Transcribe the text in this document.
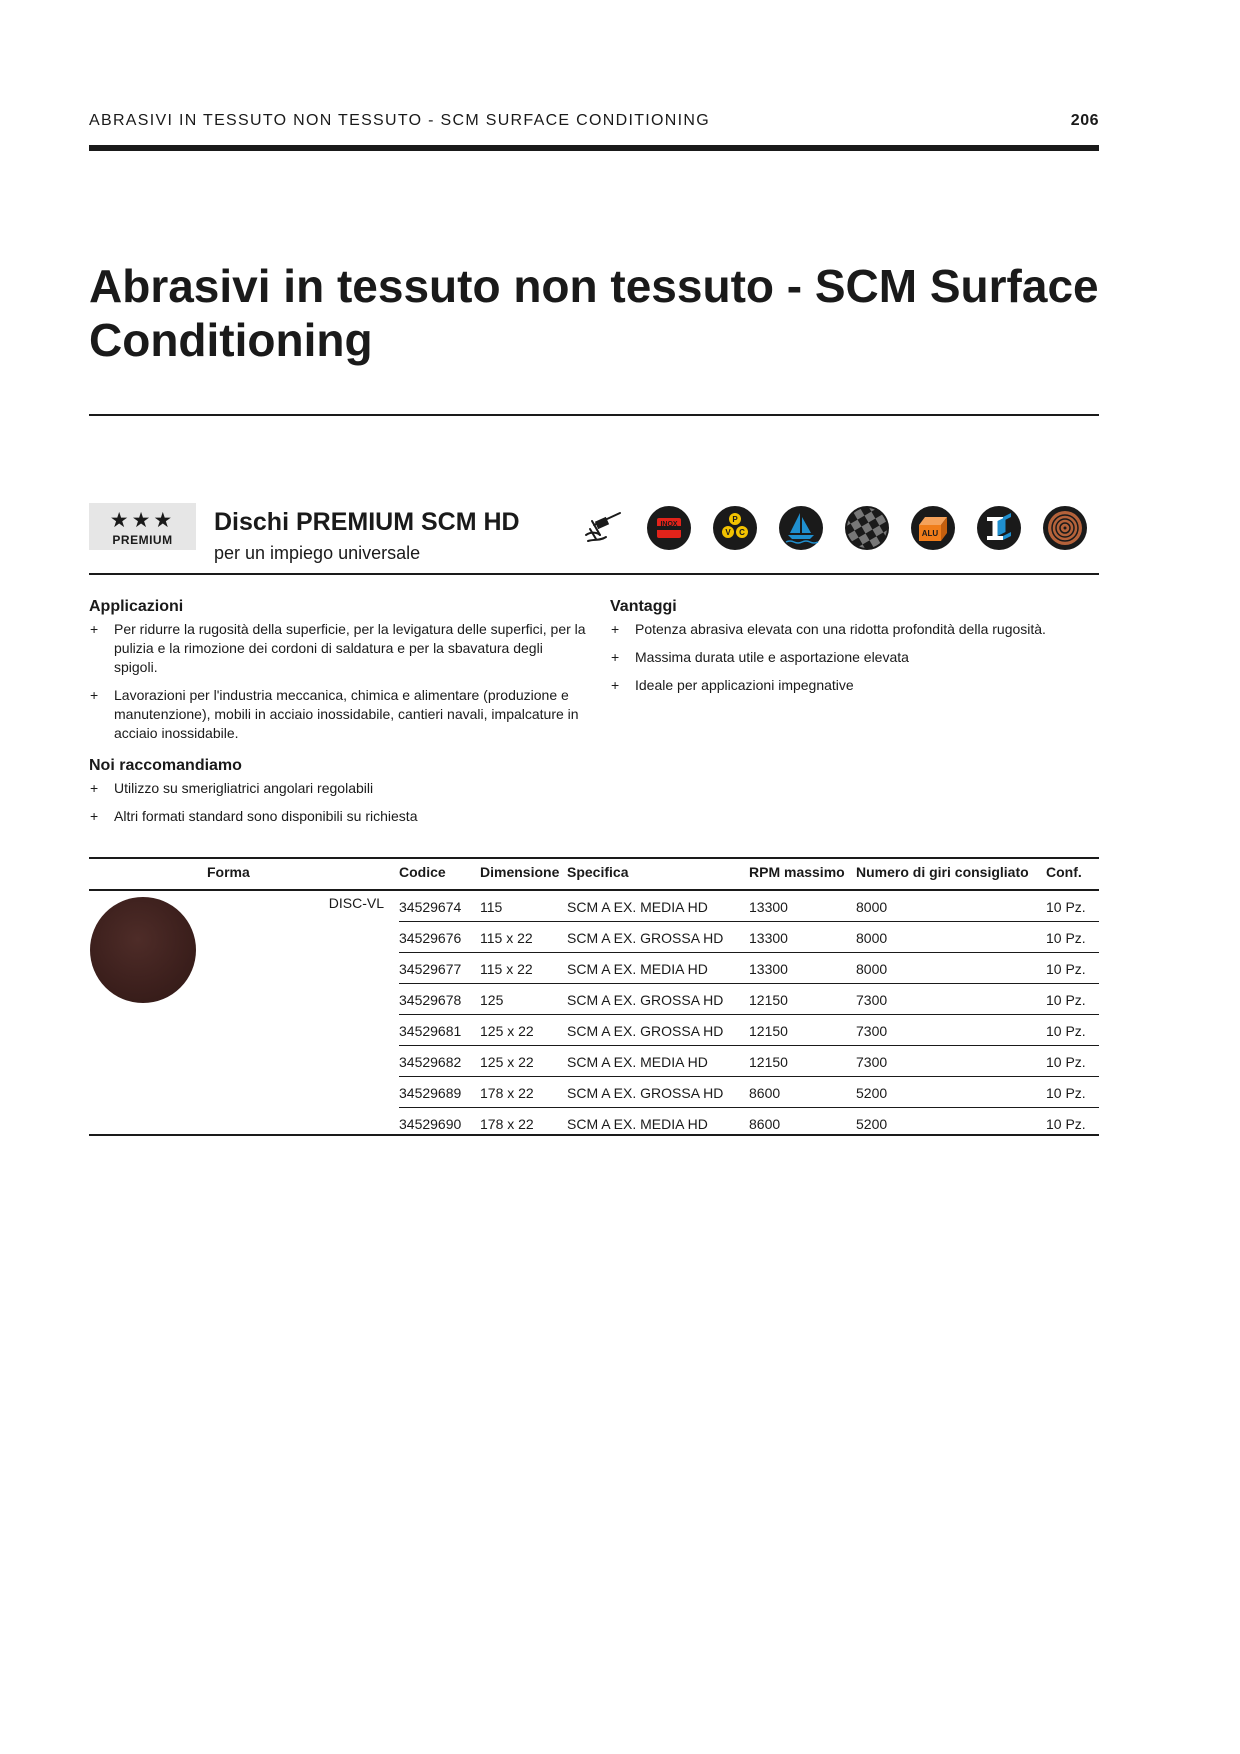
ABRASIVI IN TESSUTO NON TESSUTO - SCM SURFACE CONDITIONING	206
Abrasivi in tessuto non tessuto - SCM Surface Conditioning
★★★
PREMIUM
Dischi PREMIUM SCM HD
per un impiego universale
INOX
P
V C	ALU
Applicazioni
+ Per ridurre la rugosità della superficie, per la levigatura delle superfici, per la pulizia e la rimozione dei cordoni di saldatura e per la sbavatura degli spigoli.
+ Lavorazioni per l'industria meccanica, chimica e alimentare (produzione e manutenzione), mobili in acciaio inossidabile, cantieri navali, impalcature in acciaio inossidabile.
Noi raccomandiamo
+ Utilizzo su smerigliatrici angolari regolabili
+ Altri formati standard sono disponibili su richiesta
Vantaggi
+ Potenza abrasiva elevata con una ridotta profondità della rugosità.
+ Massima durata utile e asportazione elevata
+ Ideale per applicazioni impegnative
Forma	Codice Dimensione Specifica	RPM massimo Numero di giri consigliato Conf.
DISC-VL 34529674 115	SCM A EX. MEDIA HD	13300	8000	10 Pz.
34529676 115 x 22 SCM A EX. GROSSA HD 13300	8000	10 Pz.
34529677 115 x 22 SCM A EX. MEDIA HD	13300	8000	10 Pz.
34529678 125	SCM A EX. GROSSA HD 12150	7300	10 Pz.
34529681 125 x 22 SCM A EX. GROSSA HD 12150	7300	10 Pz.
34529682 125 x 22 SCM A EX. MEDIA HD	12150	7300	10 Pz.
34529689 178 x 22 SCM A EX. GROSSA HD 8600	5200	10 Pz.
34529690 178 x 22 SCM A EX. MEDIA HD	8600	5200	10 Pz.
